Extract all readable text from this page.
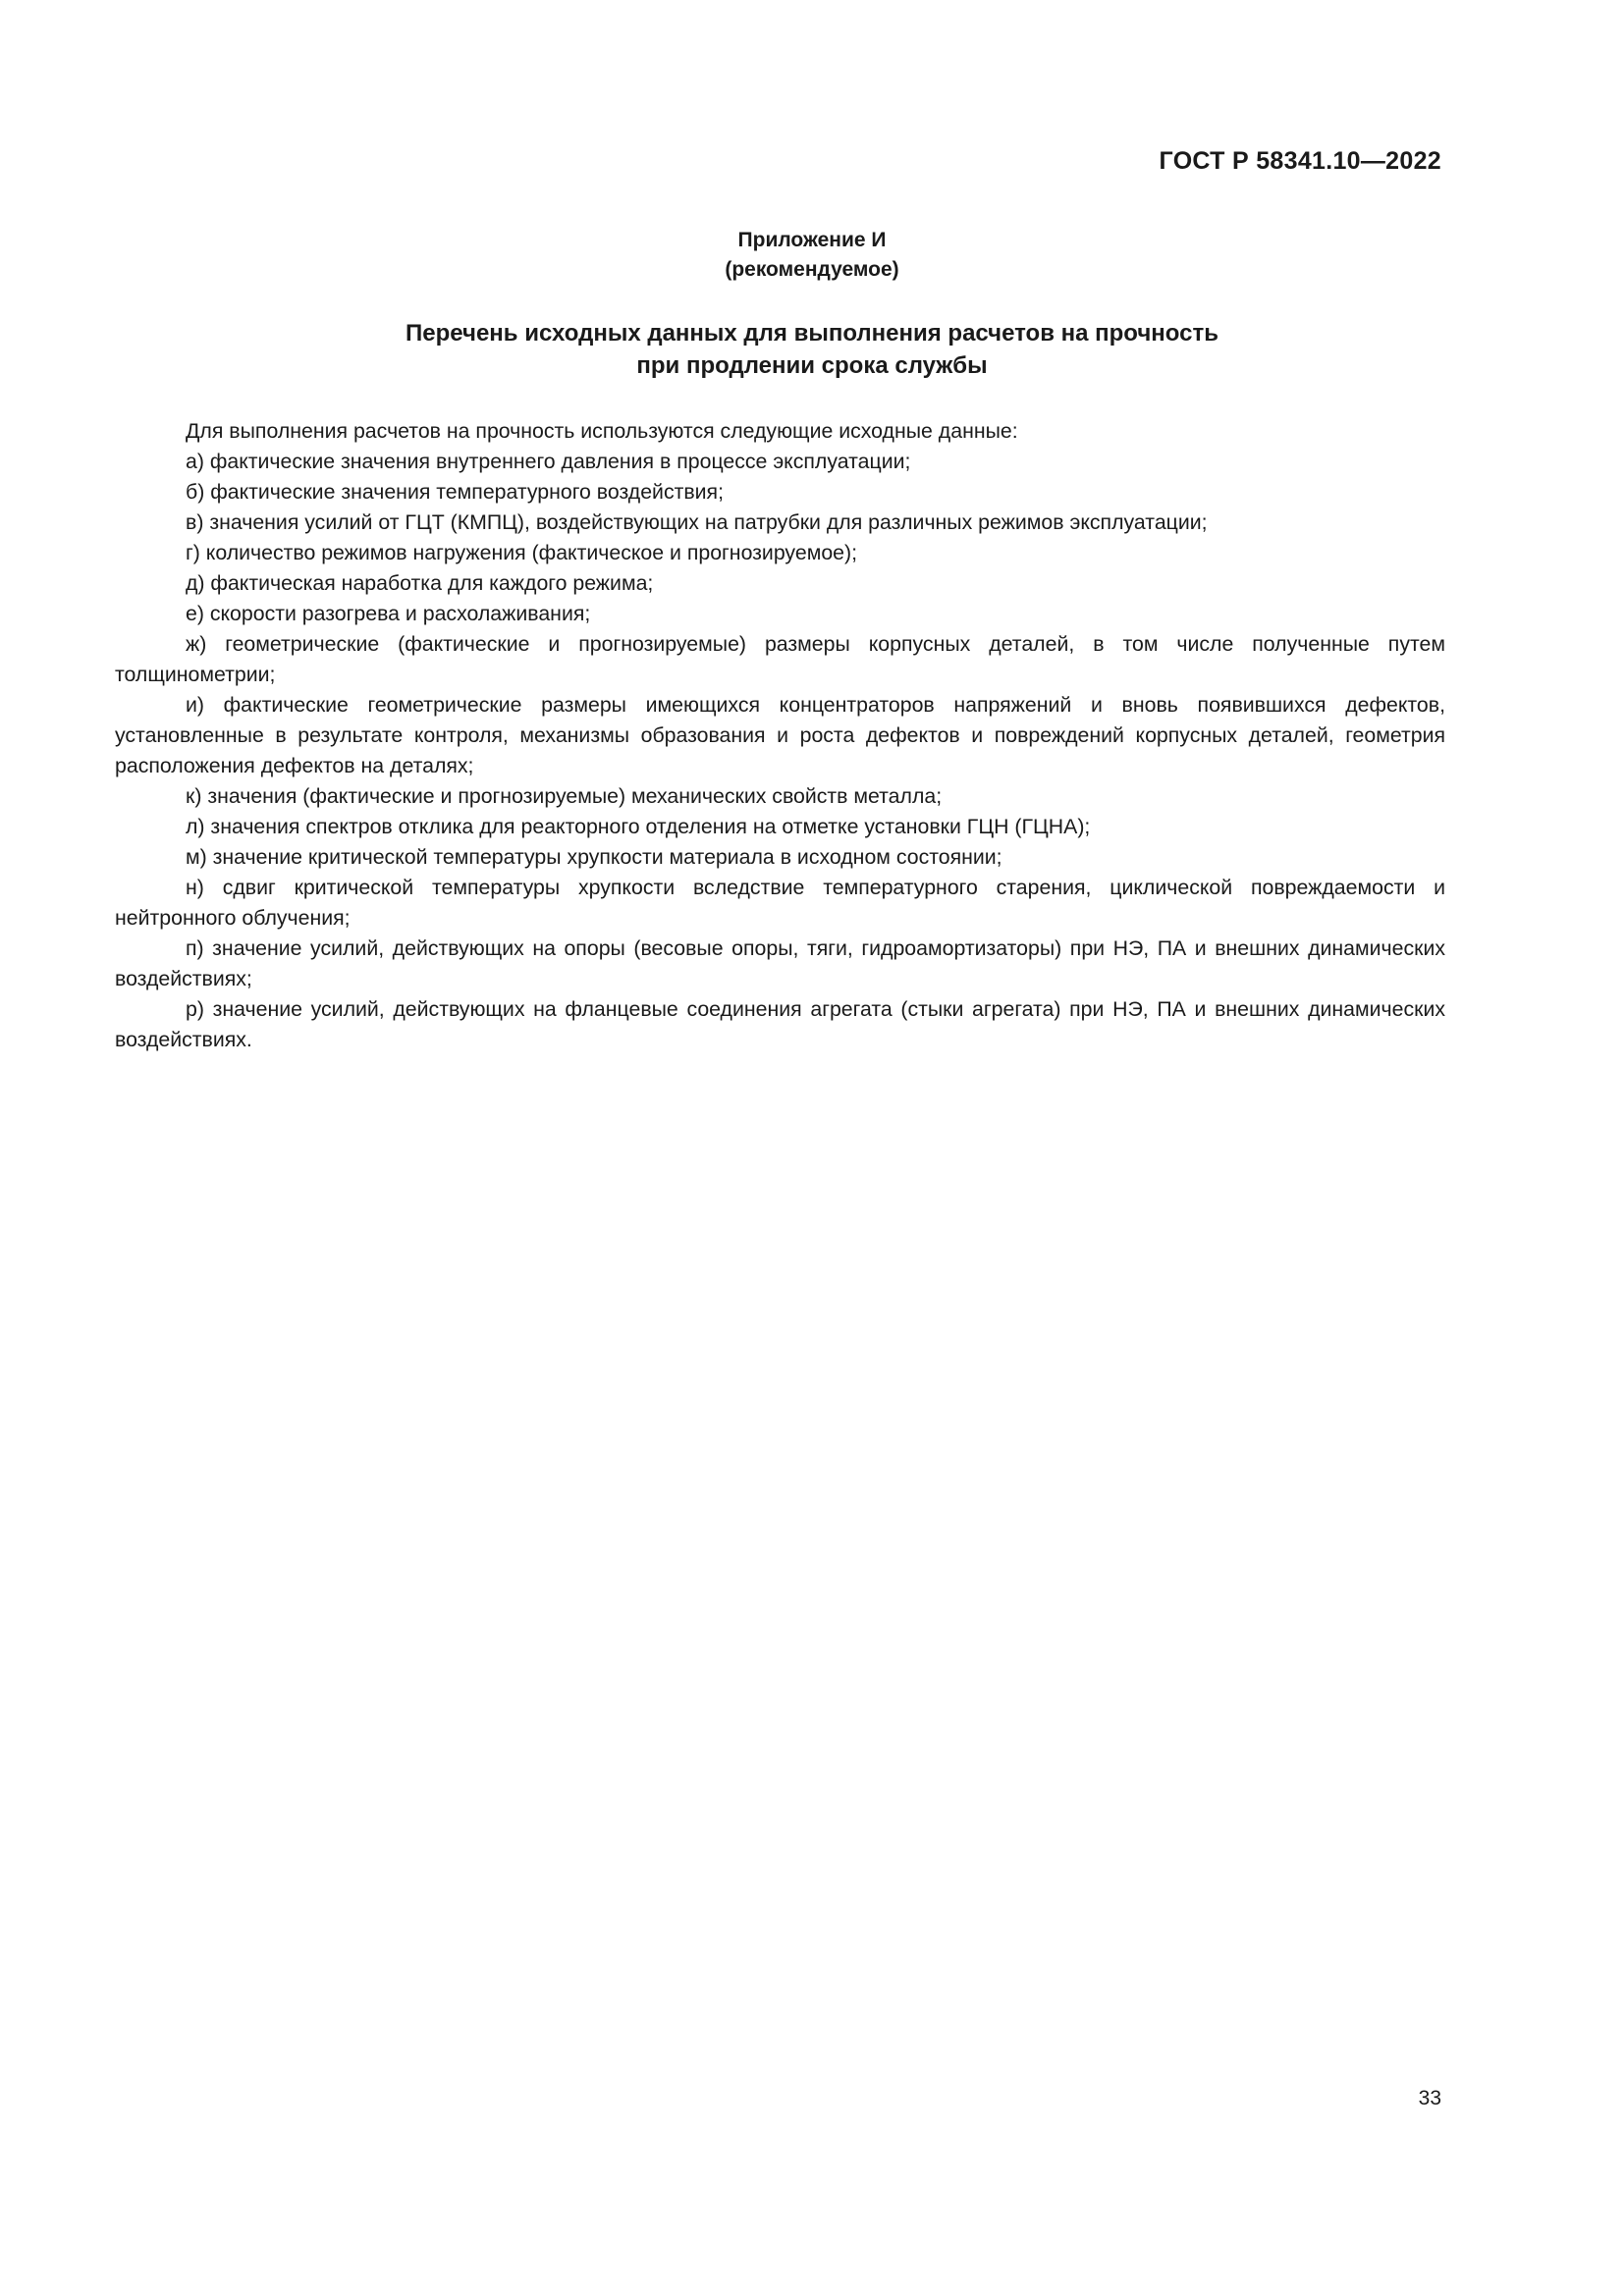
ГОСТ Р 58341.10—2022
Приложение И
(рекомендуемое)
Перечень исходных данных для выполнения расчетов на прочность
при продлении срока службы

Для выполнения расчетов на прочность используются следующие исходные данные:

а) фактические значения внутреннего давления в процессе эксплуатации;

б) фактические значения температурного воздействия;

в) значения усилий от ГЦТ (КМПЦ), воздействующих на патрубки для различных режимов эксплуатации;

г) количество режимов нагружения (фактическое и прогнозируемое);

д) фактическая наработка для каждого режима;

е) скорости разогрева и расхолаживания;

ж) геометрические (фактические и прогнозируемые) размеры корпусных деталей, в том числе полученные путем толщинометрии;

и) фактические геометрические размеры имеющихся концентраторов напряжений и вновь появившихся дефектов, установленные в результате контроля, механизмы образования и роста дефектов и повреждений корпусных деталей, геометрия расположения дефектов на деталях;

к) значения (фактические и прогнозируемые) механических свойств металла;

л) значения спектров отклика для реакторного отделения на отметке установки ГЦН (ГЦНА);

м) значение критической температуры хрупкости материала в исходном состоянии;

н) сдвиг критической температуры хрупкости вследствие температурного старения, циклической повреждаемости и нейтронного облучения;

п) значение усилий, действующих на опоры (весовые опоры, тяги, гидроамортизаторы) при НЭ, ПА и внешних динамических воздействиях;

р) значение усилий, действующих на фланцевые соединения агрегата (стыки агрегата) при НЭ, ПА и внешних динамических воздействиях.

33
